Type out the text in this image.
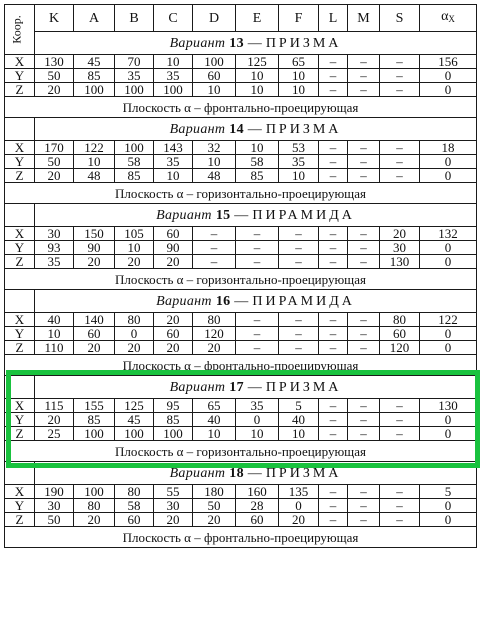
Коор.	K	A	B	C	D	E	F	L	M	S	αX
	Вариант 13 — ПРИЗМА										
X	130	45	70	10	100	125	65	–	–	–	156
Y	50	85	35	35	60	10	10	–	–	–	0
Z	20	100	100	100	10	10	10	–	–	–	0
Плоскость α – фронтально-проецирующая											
	Вариант 14 — ПРИЗМА										
X	170	122	100	143	32	10	53	–	–	–	18
Y	50	10	58	35	10	58	35	–	–	–	0
Z	20	48	85	10	48	85	10	–	–	–	0
Плоскость α – горизонтально-проецирующая											
	Вариант 15 — ПИРАМИДА										
X	30	150	105	60	–	–	–	–	–	20	132
Y	93	90	10	90	–	–	–	–	–	30	0
Z	35	20	20	20	–	–	–	–	–	130	0
Плоскость α – горизонтально-проецирующая											
	Вариант 16 — ПИРАМИДА										
X	40	140	80	20	80	–	–	–	–	80	122
Y	10	60	0	60	120	–	–	–	–	60	0
Z	110	20	20	20	20	–	–	–	–	120	0
Плоскость α – фронтально-проецирующая											
	Вариант 17 — ПРИЗМА										
X	115	155	125	95	65	35	5	–	–	–	130
Y	20	85	45	85	40	0	40	–	–	–	0
Z	25	100	100	100	10	10	10	–	–	–	0
Плоскость α – горизонтально-проецирующая											
	Вариант 18 — ПРИЗМА										
X	190	100	80	55	180	160	135	–	–	–	5
Y	30	80	58	30	50	28	0	–	–	–	0
Z	50	20	60	20	20	60	20	–	–	–	0
Плоскость α – фронтально-проецирующая											
